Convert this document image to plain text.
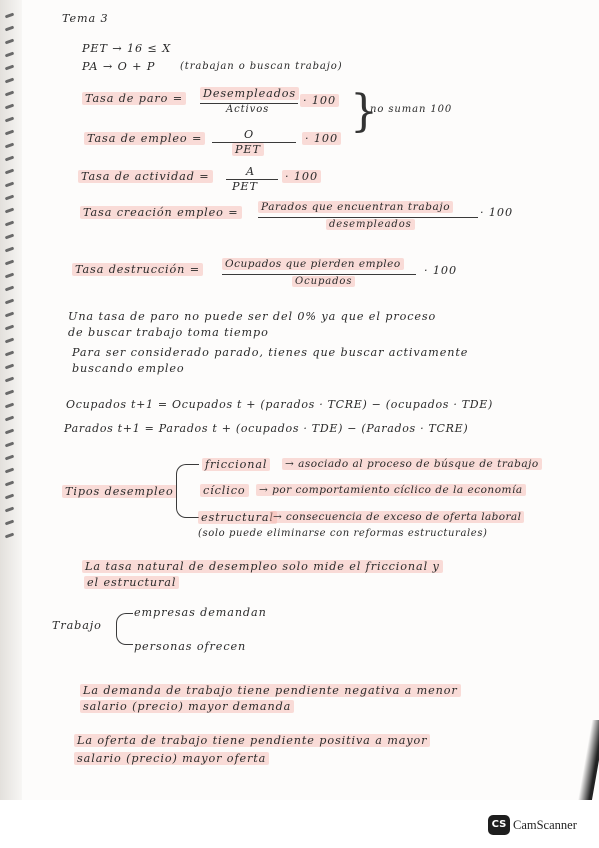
Tema 3
PET → 16 ≤ X
PA → O + P (trabajan o buscan trabajo)
Tasa de paro = Desempleados
Activos
· 100 }
no suman 100
Tasa de empleo =	O
PET
· 100
Tasa de actividad =	A
PET
· 100
Tasa creación empleo = Parados que encuentran trabajo
desempleados
· 100
Tasa destrucción = Ocupados que pierden empleo
Ocupados
· 100
Una tasa de paro no puede ser del 0% ya que el proceso
de buscar trabajo toma tiempo
Para ser considerado parado, tienes que buscar activamente
buscando empleo
Ocupados t+1 = Ocupados t + (parados · TCRE) − (ocupados · TDE)
Parados t+1 = Parados t + (ocupados · TDE) − (Parados · TCRE)
Tipos desempleo
friccional → asociado al proceso de búsque de trabajo
cíclico → por comportamiento cíclico de la economía
estructural → consecuencia de exceso de oferta laboral
(solo puede eliminarse con reformas estructurales)
La tasa natural de desempleo solo mide el friccional y
el estructural
Trabajo
empresas demandan
personas ofrecen
La demanda de trabajo tiene pendiente negativa a menor
salario (precio) mayor demanda
La oferta de trabajo tiene pendiente positiva a mayor
salario (precio) mayor oferta
CS CamScanner
